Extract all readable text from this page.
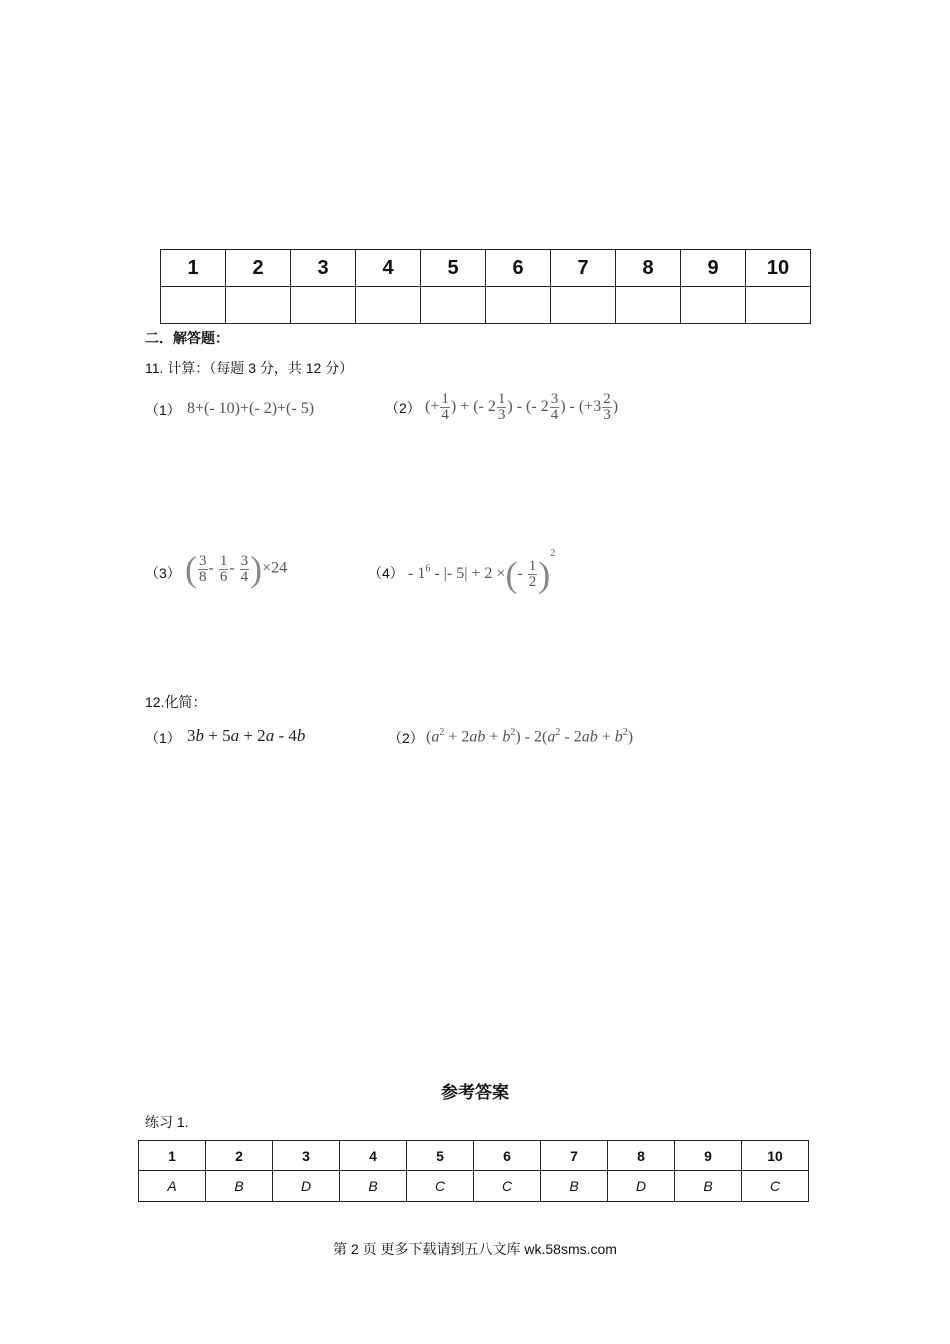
1	2	3	4	5	6	7	8	9	10

二．解答题：
11. 计算：（每题 3 分，共 12 分）
（1） 8+(- 10)+(- 2)+(- 5)	（2） (+ $\frac{1}{4}$ ) + (- $2 \frac{1}{3}$ ) - (- $2 \frac{3}{4}$ ) - ($+3 \frac{2}{3}$ )
（3） ( $\frac{3}{8} - \frac{1}{6} - \frac{3}{4} )\times 24$	$(4) - 1^6$ - |- 5| + 2 ×(- $\frac{1}{2} )^2$
12.化简：
（1） 3b + 5a + 2a - 4b	（2） $(a^2 + 2ab + b^2) - 2(a^2 - 2ab + b^2)$
参考答案
练习 1.
1	2	3	4	5	6	7	8	9	10
A	B	D	B	C	C	B	D	B	C
第 2 页 更多下载请到五八文库 wk.58sms.com
